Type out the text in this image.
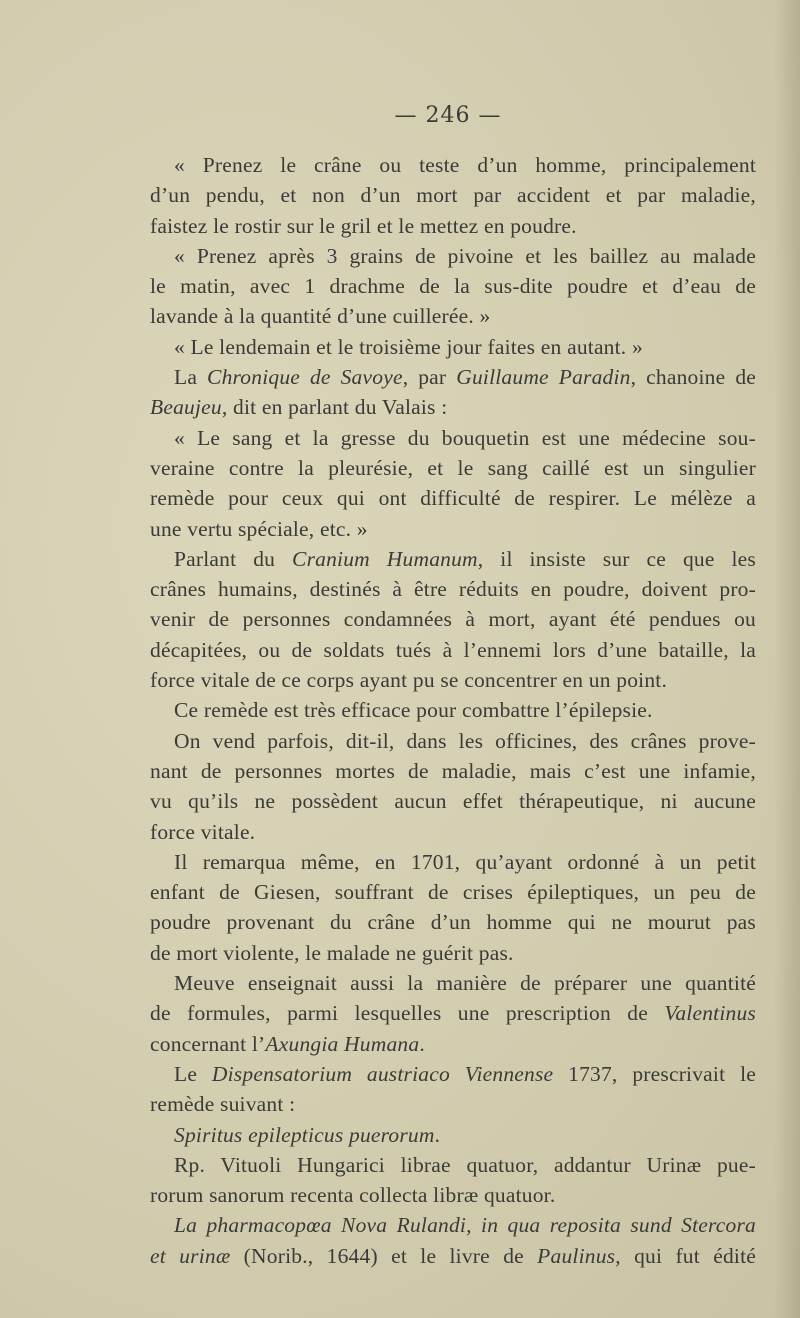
— 246 —
« Prenez le crâne ou teste d’un homme, principalement
d’un pendu, et non d’un mort par accident et par maladie,
faistez le rostir sur le gril et le mettez en poudre.
« Prenez après 3 grains de pivoine et les baillez au malade
le matin, avec 1 drachme de la sus-dite poudre et d’eau de
lavande à la quantité d’une cuillerée. »
« Le lendemain et le troisième jour faites en autant. »
La Chronique de Savoye, par Guillaume Paradin, chanoine de
Beaujeu, dit en parlant du Valais :
« Le sang et la gresse du bouquetin est une médecine sou-
veraine contre la pleurésie, et le sang caillé est un singulier
remède pour ceux qui ont difficulté de respirer. Le mélèze a
une vertu spéciale, etc. »
Parlant du Cranium Humanum, il insiste sur ce que les
crânes humains, destinés à être réduits en poudre, doivent pro-
venir de personnes condamnées à mort, ayant été pendues ou
décapitées, ou de soldats tués à l’ennemi lors d’une bataille, la
force vitale de ce corps ayant pu se concentrer en un point.
Ce remède est très efficace pour combattre l’épilepsie.
On vend parfois, dit-il, dans les officines, des crânes prove-
nant de personnes mortes de maladie, mais c’est une infamie,
vu qu’ils ne possèdent aucun effet thérapeutique, ni aucune
force vitale.
Il remarqua même, en 1701, qu’ayant ordonné à un petit
enfant de Giesen, souffrant de crises épileptiques, un peu de
poudre provenant du crâne d’un homme qui ne mourut pas
de mort violente, le malade ne guérit pas.
Meuve enseignait aussi la manière de préparer une quantité
de formules, parmi lesquelles une prescription de Valentinus
concernant l’Axungia Humana.
Le Dispensatorium austriaco Viennense 1737, prescrivait le
remède suivant :
Spiritus epilepticus puerorum.
Rp. Vituoli Hungarici librae quatuor, addantur Urinæ pue-
rorum sanorum recenta collecta libræ quatuor.
La pharmacopœa Nova Rulandi, in qua reposita sund Stercora
et urinæ (Norib., 1644) et le livre de Paulinus, qui fut édité
